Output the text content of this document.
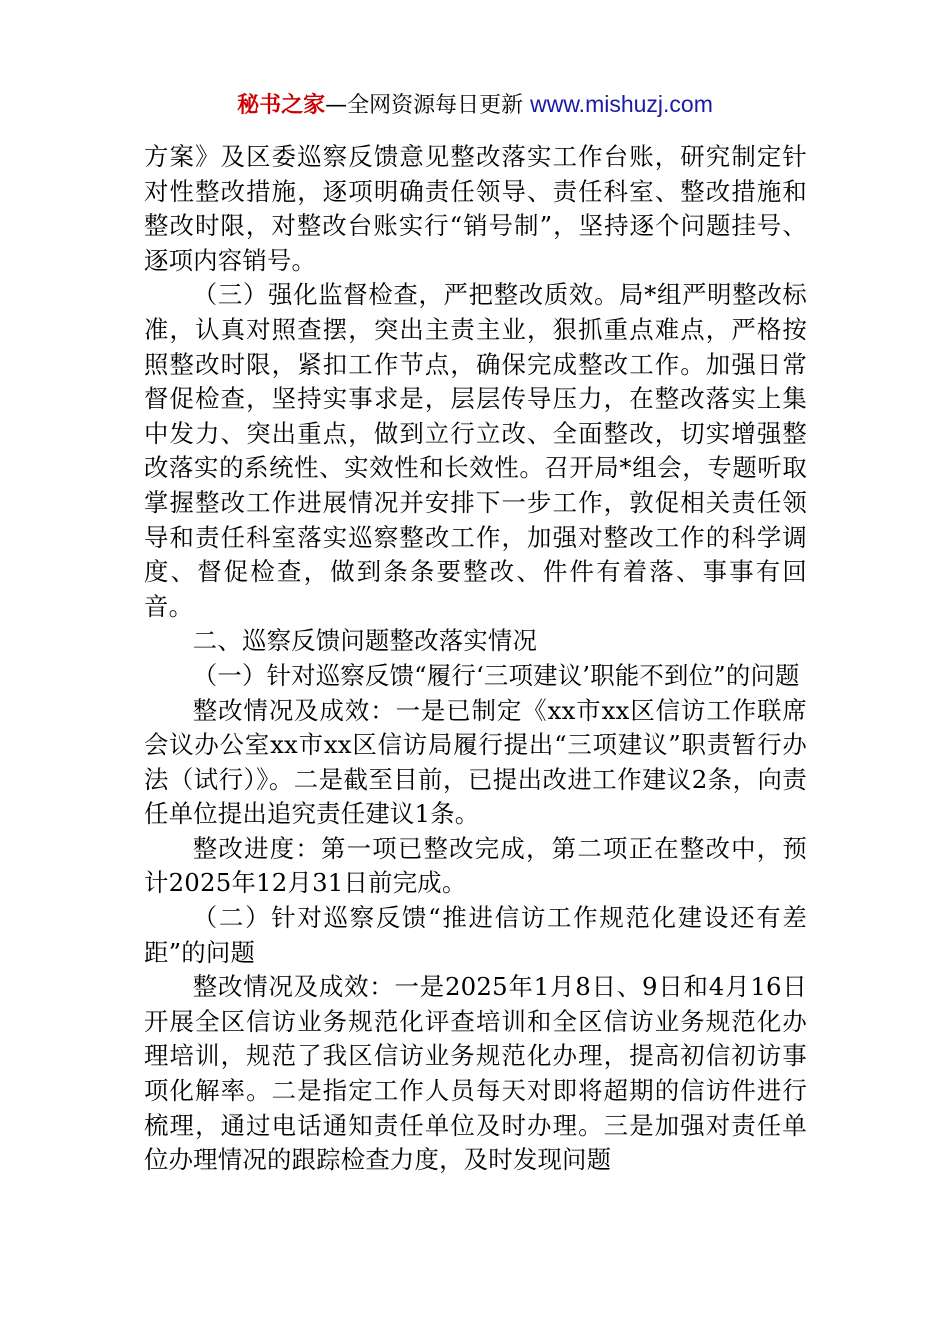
秘书之家—全网资源每日更新 www.mishuzj.com

方案》及区委巡察反馈意见整改落实工作台账，研究制定针对性整改措施，逐项明确责任领导、责任科室、整改措施和整改时限，对整改台账实行“销号制”，坚持逐个问题挂号、逐项内容销号。

（三）强化监督检查，严把整改质效。局*组严明整改标准，认真对照查摆，突出主责主业，狠抓重点难点，严格按照整改时限，紧扣工作节点，确保完成整改工作。加强日常督促检查，坚持实事求是，层层传导压力，在整改落实上集中发力、突出重点，做到立行立改、全面整改，切实增强整改落实的系统性、实效性和长效性。召开局*组会，专题听取掌握整改工作进展情况并安排下一步工作，敦促相关责任领导和责任科室落实巡察整改工作，加强对整改工作的科学调度、督促检查，做到条条要整改、件件有着落、事事有回音。

二、巡察反馈问题整改落实情况

（一）针对巡察反馈“履行‘三项建议’职能不到位”的问题

整改情况及成效：一是已制定《xx市xx区信访工作联席会议办公室xx市xx区信访局履行提出“三项建议”职责暂行办法（试行）》。二是截至目前，已提出改进工作建议2条，向责任单位提出追究责任建议1条。

整改进度：第一项已整改完成，第二项正在整改中，预计2025年12月31日前完成。

（二）针对巡察反馈“推进信访工作规范化建设还有差距”的问题

整改情况及成效：一是2025年1月8日、9日和4月16日开展全区信访业务规范化评查培训和全区信访业务规范化办理培训，规范了我区信访业务规范化办理，提高初信初访事项化解率。二是指定工作人员每天对即将超期的信访件进行梳理，通过电话通知责任单位及时办理。三是加强对责任单位办理情况的跟踪检查力度，及时发现问题
